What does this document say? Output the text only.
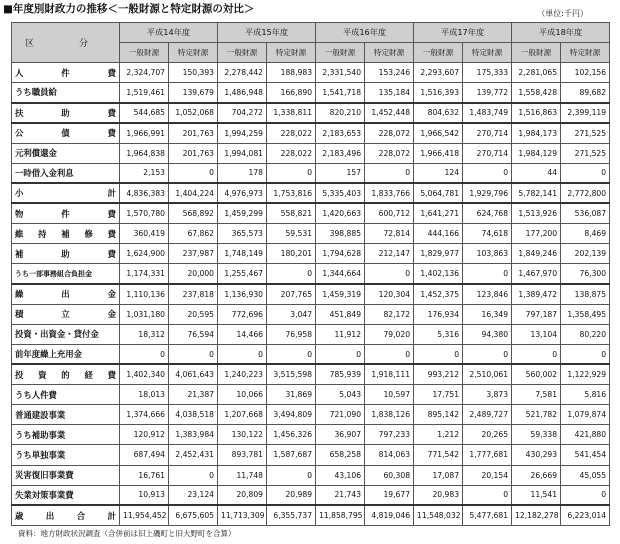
■年度別財政力の推移＜一般財源と特定財源の対比＞	（単位:千円）
区　分	平成14年度		平成15年度		平成16年度		平成17年度		平成18年度	
	一般財源	特定財源	一般財源	特定財源	一般財源	特定財源	一般財源	特定財源	一般財源	特定財源
人　件　費	2,324,707	150,393	2,278,442	188,983	2,331,540	153,246	2,293,607	175,333	2,281,065	102,156
うち職員給	1,519,461	139,679	1,486,948	166,890	1,541,718	135,184	1,516,393	139,772	1,558,428	89,682
扶　助　費	544,685	1,052,068	704,272	1,338,811	820,210	1,452,448	804,632	1,483,749	1,516,863	2,399,119
公　債　費	1,966,991	201,763	1,994,259	228,022	2,183,653	228,072	1,966,542	270,714	1,984,173	271,525
元利償還金	1,964,838	201,763	1,994,081	228,022	2,183,496	228,072	1,966,418	270,714	1,984,129	271,525
一時借入金利息	2,153	0	178	0	157	0	124	0	44	0
小　　　　計	4,836,383	1,404,224	4,976,973	1,753,816	5,335,403	1,833,766	5,064,781	1,929,796	5,782,141	2,772,800
物　件　費	1,570,780	568,892	1,459,299	558,821	1,420,663	600,712	1,641,271	624,768	1,513,926	536,087
維持補修費	360,419	67,862	365,573	59,531	398,885	72,814	444,166	74,618	177,200	8,469
補　助　費	1,624,900	237,987	1,748,149	180,201	1,794,628	212,147	1,829,977	103,863	1,849,246	202,139
うち一部事務組合負担金	1,174,331	20,000	1,255,467	0	1,344,664	0	1,402,136	0	1,467,970	76,300
繰　出　金	1,110,136	237,818	1,136,930	207,765	1,459,319	120,304	1,452,375	123,846	1,389,472	138,875
積　立　金	1,031,180	20,595	772,696	3,047	451,849	82,172	176,934	16,349	797,187	1,358,495
投資・出資金・貸付金	18,312	76,594	14,466	76,958	11,912	79,020	5,316	94,380	13,104	80,220
前年度繰上充用金	0	0	0	0	0	0	0	0	0	0
投　資　的　経　費	1,402,340	4,061,643	1,240,223	3,515,598	785,939	1,918,111	993,212	2,510,061	560,002	1,122,929
うち人件費	18,013	21,387	10,066	31,869	5,043	10,597	17,751	3,873	7,581	5,816
普通建設事業	1,374,666	4,038,518	1,207,668	3,494,809	721,090	1,838,126	895,142	2,489,727	521,782	1,079,874
うち補助事業	120,912	1,383,984	130,122	1,456,326	36,907	797,233	1,212	20,265	59,338	421,880
うち単独事業	687,494	2,452,431	893,781	1,587,687	658,258	814,063	771,542	1,777,681	430,293	541,454
災害復旧事業費	16,761	0	11,748	0	43,106	60,308	17,087	20,154	26,669	45,055
失業対策事業費	10,913	23,124	20,809	20,989	21,743	19,677	20,983	0	11,541	0
歳　出　合　計	11,954,452	6,675,605	11,713,309	6,355,737	11,858,795	4,819,046	11,548,032	5,477,681	12,182,278	6,223,014
資料：地方財政状況調査（合併前は旧上磯町と旧大野町を合算）
